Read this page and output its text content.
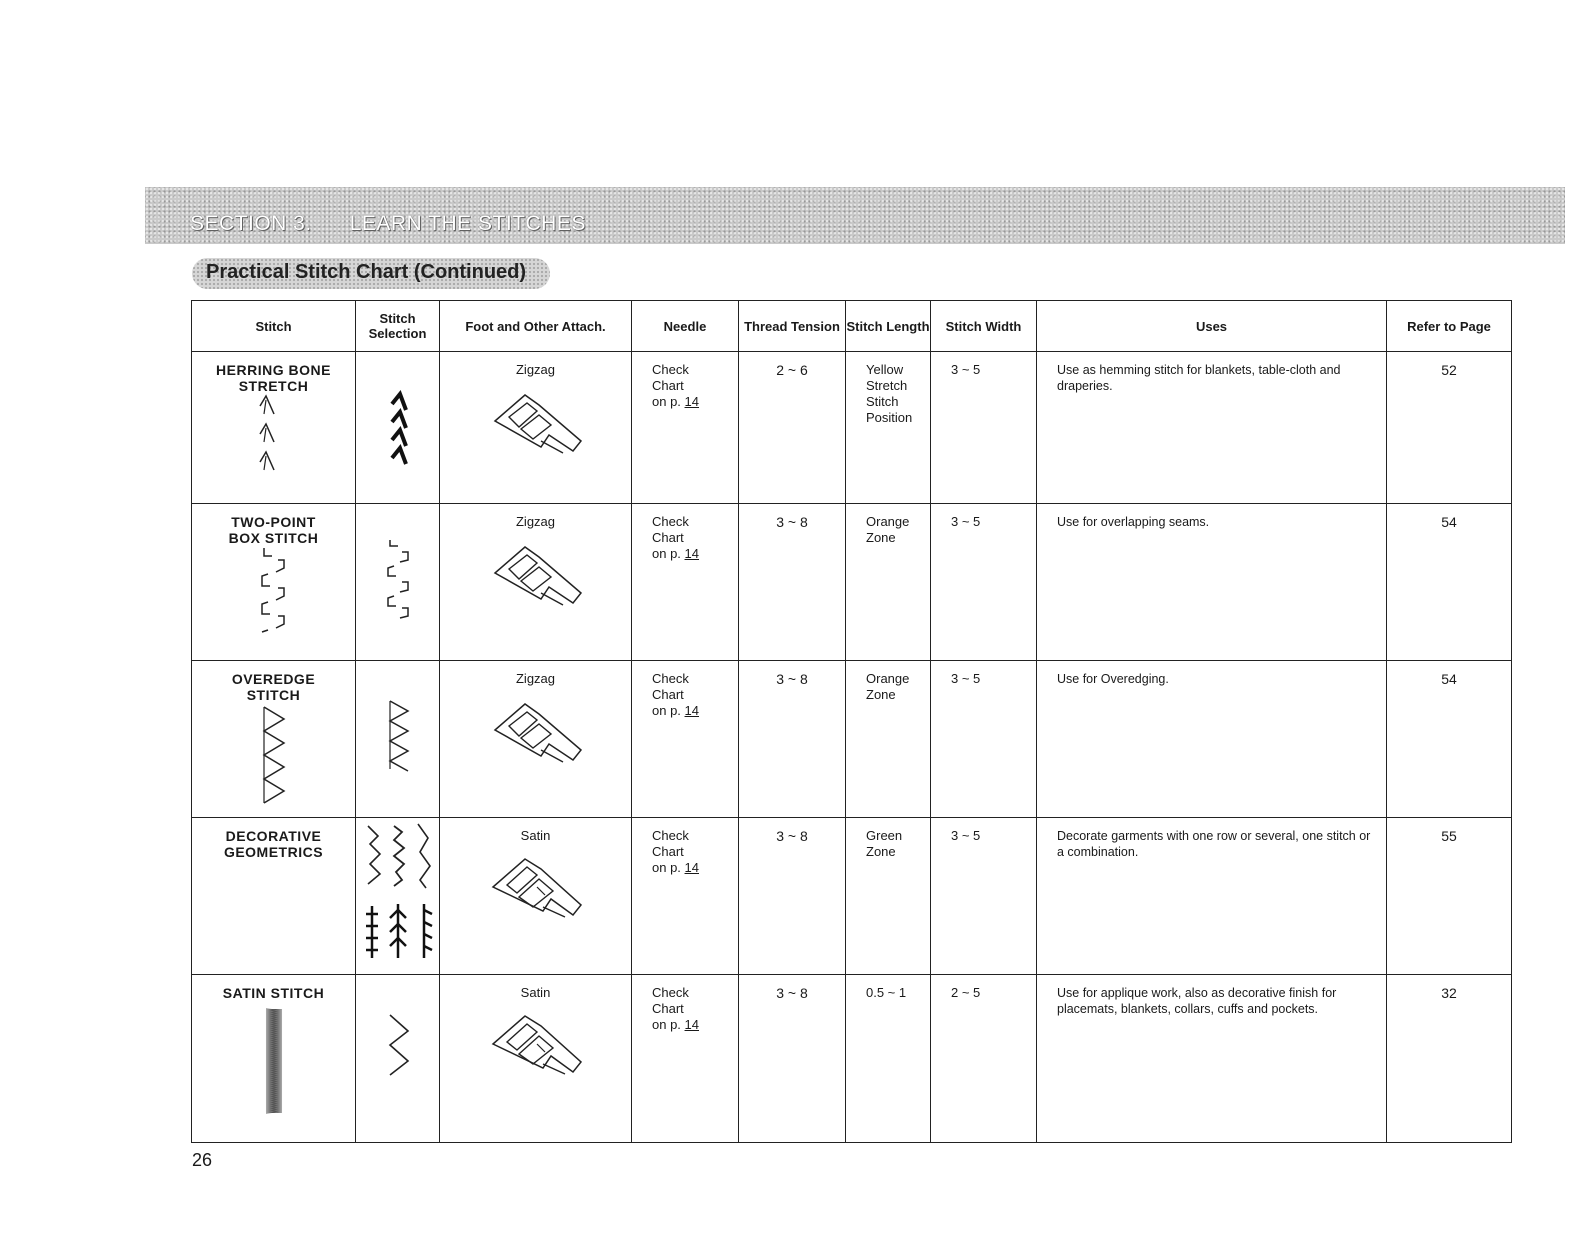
SECTION 3. LEARN THE STITCHES
Practical Stitch Chart (Continued)
Stitch	Stitch Selection	Foot and Other Attach.	Needle	Thread Tension	Stitch Length	Stitch Width	Uses	Refer to Page

HERRING BONE
STRETCH		Zigzag	Check
Chart
on p. 14	2 ~ 6	Yellow
Stretch
Stitch
Position	3 ~ 5	Use as hemming stitch for blankets, table-cloth and draperies.	52

TWO-POINT
BOX STITCH		Zigzag	Check
Chart
on p. 14	3 ~ 8	Orange
Zone	3 ~ 5	Use for overlapping seams.	54

OVEREDGE
STITCH		Zigzag	Check
Chart
on p. 14	3 ~ 8	Orange
Zone	3 ~ 5	Use for Overedging.	54

DECORATIVE
GEOMETRICS		Satin	Check
Chart
on p. 14	3 ~ 8	Green
Zone	3 ~ 5	Decorate garments with one row or several, one stitch or a combination.	55

SATIN STITCH		Satin	Check
Chart
on p. 14	3 ~ 8	0.5 ~ 1	2 ~ 5	Use for applique work, also as decorative finish for placemats, blankets, collars, cuffs and pockets.	32
26
